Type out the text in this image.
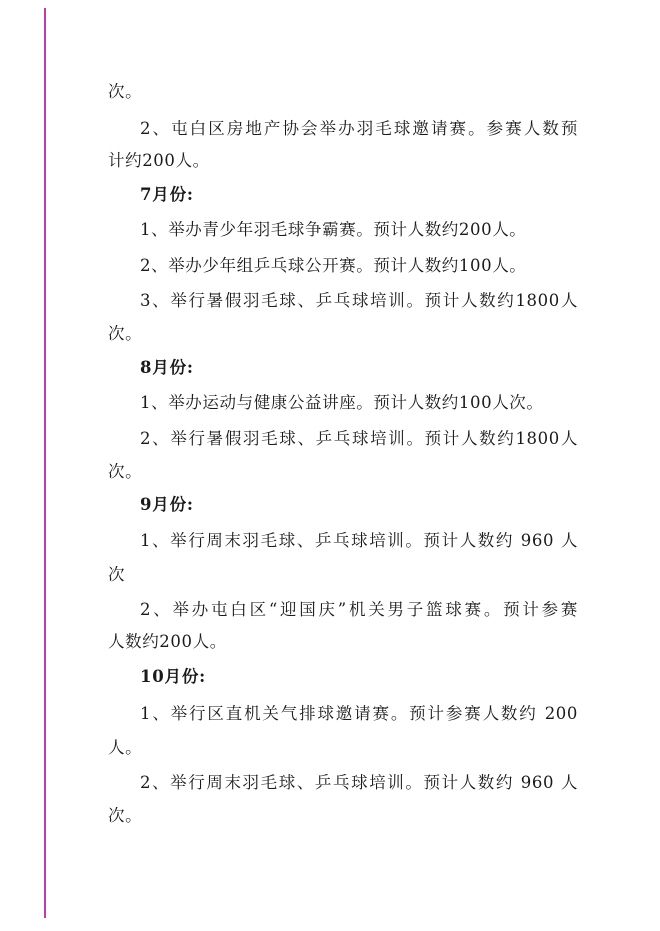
次。
2、屯白区房地产协会举办羽毛球邀请赛。参赛人数预
计约200人。
7月份:
1、举办青少年羽毛球争霸赛。预计人数约200人。
2、举办少年组乒乓球公开赛。预计人数约100人。
3、举行暑假羽毛球、乒乓球培训。预计人数约1800人
次。
8月份:
1、举办运动与健康公益讲座。预计人数约100人次。
2、举行暑假羽毛球、乒乓球培训。预计人数约1800人
次。
9月份:
1、举行周末羽毛球、乒乓球培训。预计人数约 960 人
次
2、举办屯白区“迎国庆”机关男子篮球赛。预计参赛
人数约200人。
10月份:
1、举行区直机关气排球邀请赛。预计参赛人数约 200
人。
2、举行周末羽毛球、乒乓球培训。预计人数约 960 人
次。
